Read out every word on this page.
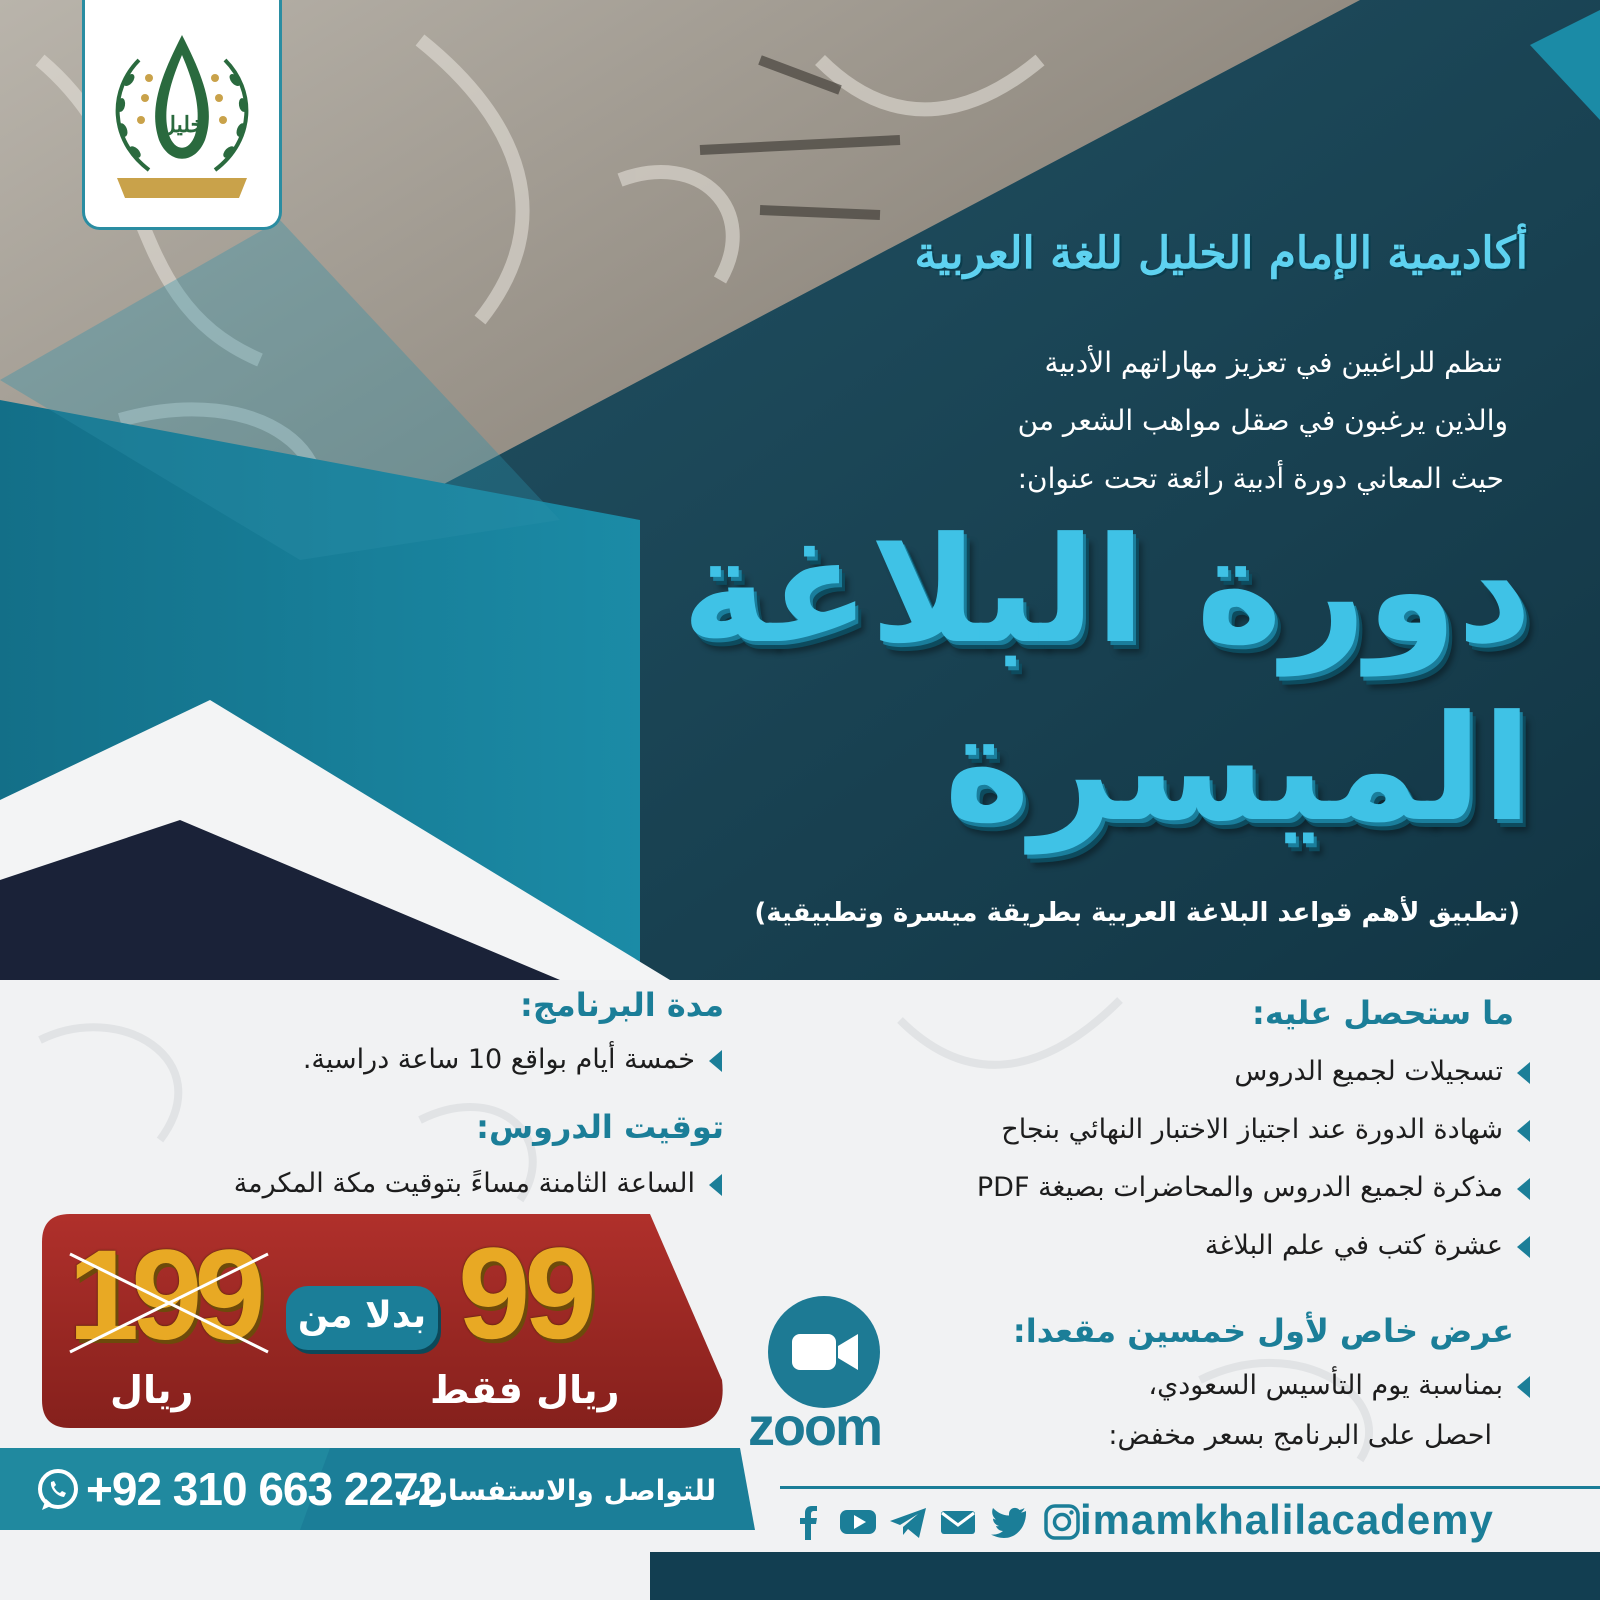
خليل
أكاديمية الإمام الخليل للغة العربية
تنظم للراغبين في تعزيز مهاراتهم الأدبية
والذين يرغبون في صقل مواهب الشعر من
حيث المعاني دورة أدبية رائعة تحت عنوان:
دورة البلاغة
الميسرة
(تطبيق لأهم قواعد البلاغة العربية بطريقة ميسرة وتطبيقية)
ما ستحصل عليه:
تسجيلات لجميع الدروس
شهادة الدورة عند اجتياز الاختبار النهائي بنجاح
مذكرة لجميع الدروس والمحاضرات بصيغة PDF
عشرة كتب في علم البلاغة
مدة البرنامج:
خمسة أيام بواقع 10 ساعة دراسية.
توقيت الدروس:
الساعة الثامنة مساءً بتوقيت مكة المكرمة
عرض خاص لأول خمسين مقعدا:
بمناسبة يوم التأسيس السعودي،
احصل على البرنامج بسعر مخفض:
99
ريال فقط
بدلا من
199
ريال
zoom
للتواصل والاستفسارات
+92 310 663 2272
imamkhalilacademy
